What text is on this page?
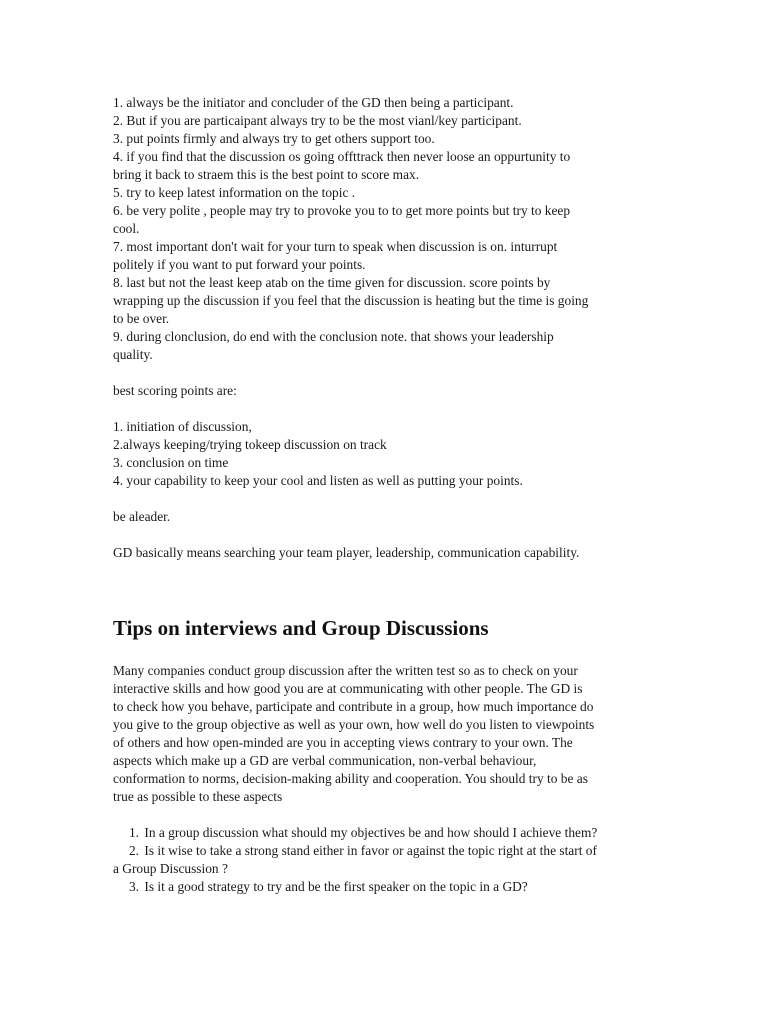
1. always be the initiator and concluder of the GD then being a participant.
2. But if you are particaipant always try to be the most vianl/key participant.
3. put points firmly and always try to get others support too.
4. if you find that the discussion os going offttrack then never loose an oppurtunity to
bring it back to straem this is the best point to score max.
5. try to keep latest information on the topic .
6. be very polite , people may try to provoke you to to get more points but try to keep
cool.
7. most important don't wait for your turn to speak when discussion is on. inturrupt
politely if you want to put forward your points.
8. last but not the least keep atab on the time given for discussion. score points by
wrapping up the discussion if you feel that the discussion is heating but the time is going
to be over.
9. during clonclusion, do end with the conclusion note. that shows your leadership
quality.

best scoring points are:

1. initiation of discussion,
2.always keeping/trying tokeep discussion on track
3. conclusion on time
4. your capability to keep your cool and listen as well as putting your points.

be aleader.

GD basically means searching your team player, leadership, communication capability.

Tips on interviews and Group Discussions
Many companies conduct group discussion after the written test so as to check on your
interactive skills and how good you are at communicating with other people. The GD is
to check how you behave, participate and contribute in a group, how much importance do
you give to the group objective as well as your own, how well do you listen to viewpoints
of others and how open-minded are you in accepting views contrary to your own. The
aspects which make up a GD are verbal communication, non-verbal behaviour,
conformation to norms, decision-making ability and cooperation. You should try to be as
true as possible to these aspects
1. In a group discussion what should my objectives be and how should I achieve them?
2. Is it wise to take a strong stand either in favor or against the topic right at the start of
a Group Discussion ?
3. Is it a good strategy to try and be the first speaker on the topic in a GD?
